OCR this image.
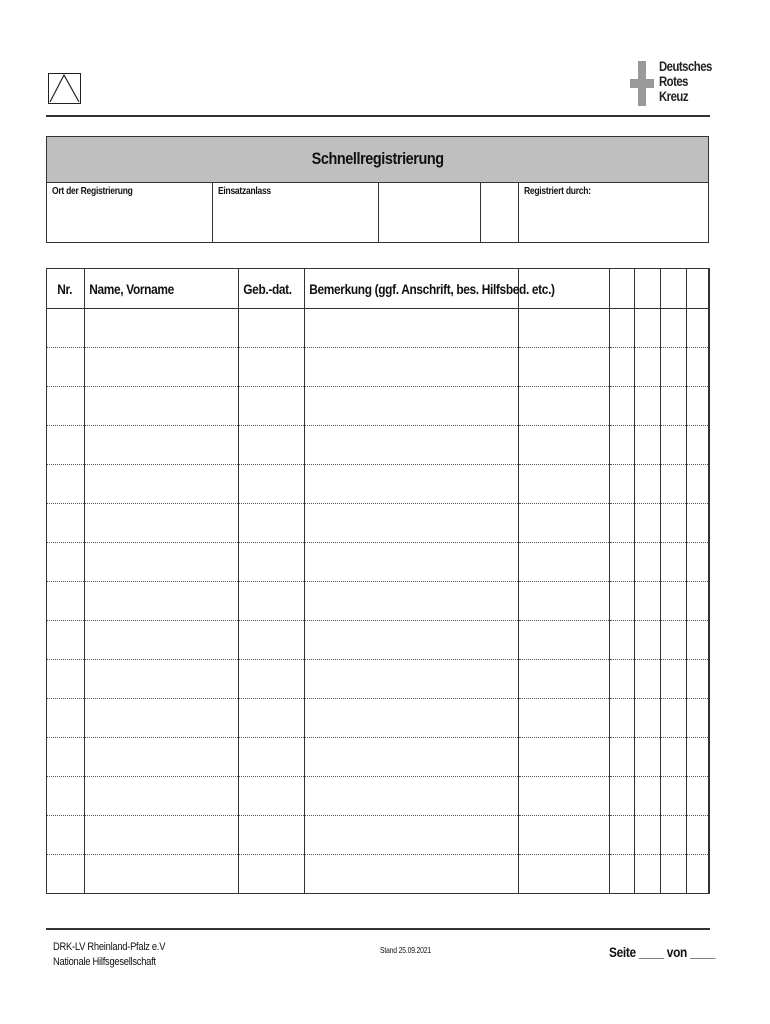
Deutsches
Rotes
Kreuz
Schnellregistrierung
Ort der Registrierung	Einsatzanlass	Registriert durch:
Nr.	Name, Vorname	Geb.-dat.	Bemerkung (ggf. Anschrift, bes. Hilfsbed. etc.)						

DRK-LV Rheinland-Pfalz e.V
Nationale Hilfsgesellschaft
Stand 25.09.2021	Seite ____ von ____
